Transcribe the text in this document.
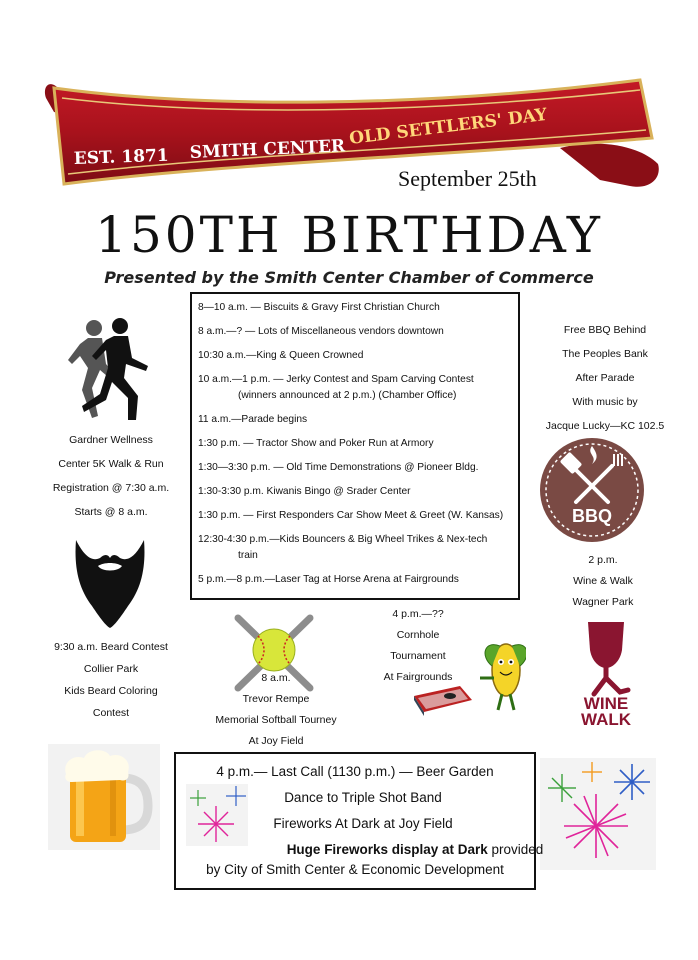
EST. 1871 SMITH CENTER
OLD SETTLERS' DAY
September 25th
150TH BIRTHDAY
Presented by the Smith Center Chamber of Commerce
8—10 a.m. — Biscuits & Gravy First Christian Church
8 a.m.—? — Lots of Miscellaneous vendors downtown
10:30 a.m.—King & Queen Crowned
10 a.m.—1 p.m. — Jerky Contest and Spam Carving Contest
(winners announced at 2 p.m.) (Chamber Office)
11 a.m.—Parade begins
1:30 p.m. — Tractor Show and Poker Run at Armory
1:30—3:30 p.m. — Old Time Demonstrations @ Pioneer Bldg.
1:30-3:30 p.m. Kiwanis Bingo @ Srader Center
1:30 p.m. — First Responders Car Show Meet & Greet (W. Kansas)
12:30-4:30 p.m.—Kids Bouncers & Big Wheel Trikes & Nex-tech
train
5 p.m.—8 p.m.—Laser Tag at Horse Arena at Fairgrounds
Gardner Wellness
Center 5K Walk & Run
Registration @ 7:30 a.m.
Starts @ 8 a.m.
9:30 a.m. Beard Contest
Collier Park
Kids Beard Coloring
Contest
8 a.m.
Trevor Rempe
Memorial Softball Tourney
At Joy Field
4 p.m.—??
Cornhole
Tournament
At Fairgrounds
Free BBQ Behind
The Peoples Bank
After Parade
With music by
Jacque Lucky—KC 102.5
BBQ
2 p.m.
Wine & Walk
Wagner Park
WINE
WALK
4 p.m.— Last Call (1130 p.m.) — Beer Garden
Dance to Triple Shot Band
Fireworks At Dark at Joy Field
Huge Fireworks display at Dark provided
by City of Smith Center & Economic Development
